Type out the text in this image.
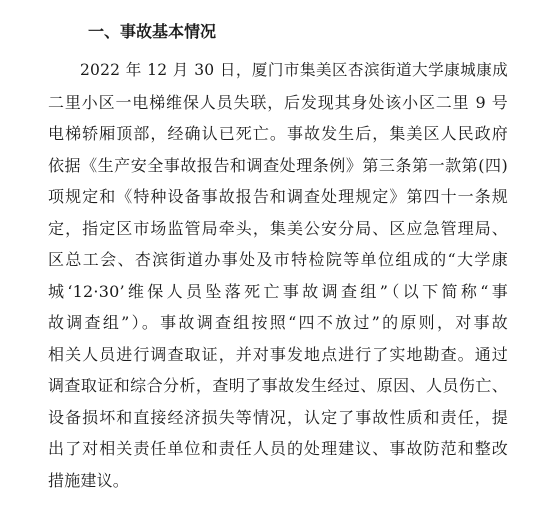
一、事故基本情况
2022 年 12 月 30 日，厦门市集美区杏滨街道大学康城康成
二里小区一电梯维保人员失联，后发现其身处该小区二里 9 号
电梯轿厢顶部，经确认已死亡。事故发生后，集美区人民政府
依据《生产安全事故报告和调查处理条例》第三条第一款第(四)
项规定和《特种设备事故报告和调查处理规定》第四十一条规
定，指定区市场监管局牵头，集美公安分局、区应急管理局、
区总工会、杏滨街道办事处及市特检院等单位组成的“大学康
城‘12·30’维保人员坠落死亡事故调查组”（以下简称“事
故调查组”）。事故调查组按照“四不放过”的原则，对事故
相关人员进行调查取证，并对事发地点进行了实地勘查。通过
调查取证和综合分析，查明了事故发生经过、原因、人员伤亡、
设备损坏和直接经济损失等情况，认定了事故性质和责任，提
出了对相关责任单位和责任人员的处理建议、事故防范和整改
措施建议。
